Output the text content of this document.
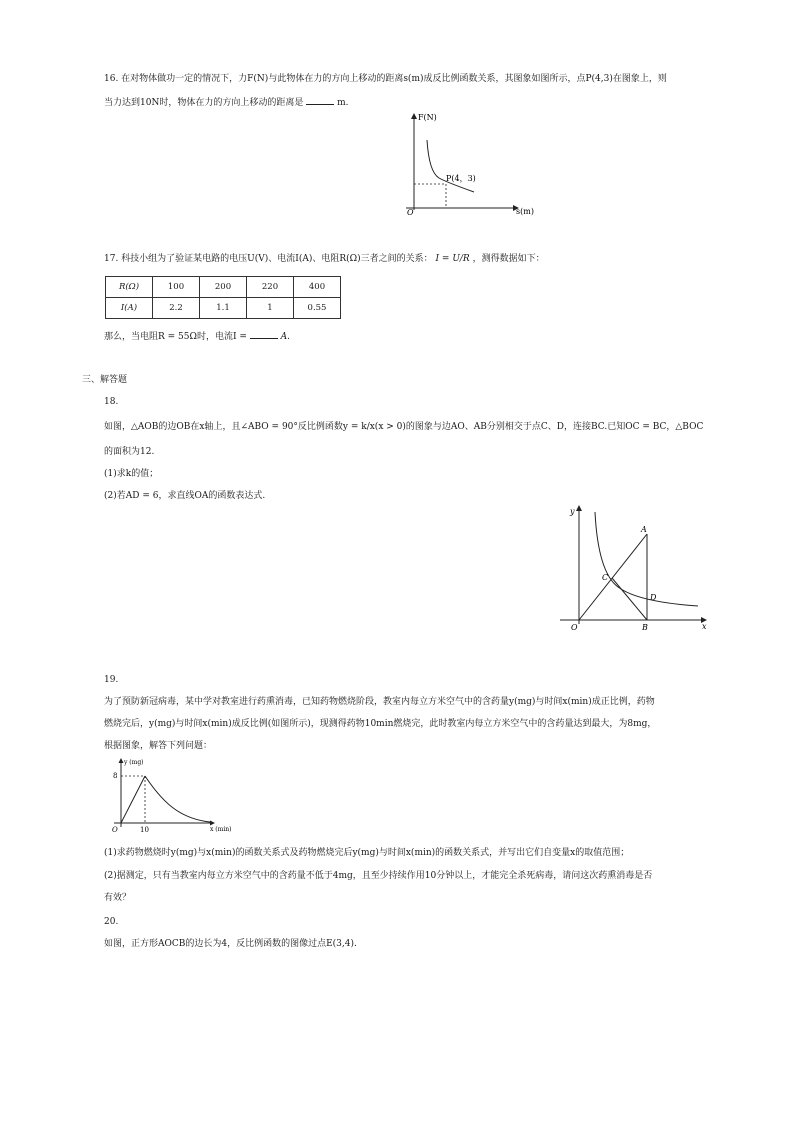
16. 在对物体做功一定的情况下，力F(N)与此物体在力的方向上移动的距离s(m)成反比例函数关系，其图象如图所示，点P(4,3)在图象上，则
当力达到10N时，物体在力的方向上移动的距离是	m.
F(N)
s(m)
O
P(4，3)
17. 科技小组为了验证某电路的电压U(V)、电流I(A)、电阻R(Ω)三者之间的关系： I = U/R ，测得数据如下：
R(Ω)	100	200	220	400
I(A)	2.2	1.1	1	0.55
那么，当电阻R = 55Ω时，电流I =	A.
三、解答题
18.
如图，△AOB的边OB在x轴上，且∠ABO = 90°反比例函数y = k/x(x > 0)的图象与边AO、AB分别相交于点C、D，连接BC.已知OC = BC，△BOC
的面积为12.
(1)求k的值；
(2)若AD = 6，求直线OA的函数表达式.
y
x
O
A
B
C
D
19.
为了预防新冠病毒，某中学对教室进行药熏消毒，已知药物燃烧阶段，教室内每立方米空气中的含药量y(mg)与时间x(min)成正比例，药物
燃烧完后，y(mg)与时间x(min)成反比例(如图所示)，现测得药物10min燃烧完，此时教室内每立方米空气中的含药量达到最大，为8mg，
根据图象，解答下列问题：
y (mg)
x (min)
8
10
O
(1)求药物燃烧时y(mg)与x(min)的函数关系式及药物燃烧完后y(mg)与时间x(min)的函数关系式，并写出它们自变量x的取值范围；
(2)据测定，只有当教室内每立方米空气中的含药量不低于4mg，且至少持续作用10分钟以上，才能完全杀死病毒，请问这次药熏消毒是否
有效？
20.
如图，正方形AOCB的边长为4，反比例函数的图像过点E(3,4).
